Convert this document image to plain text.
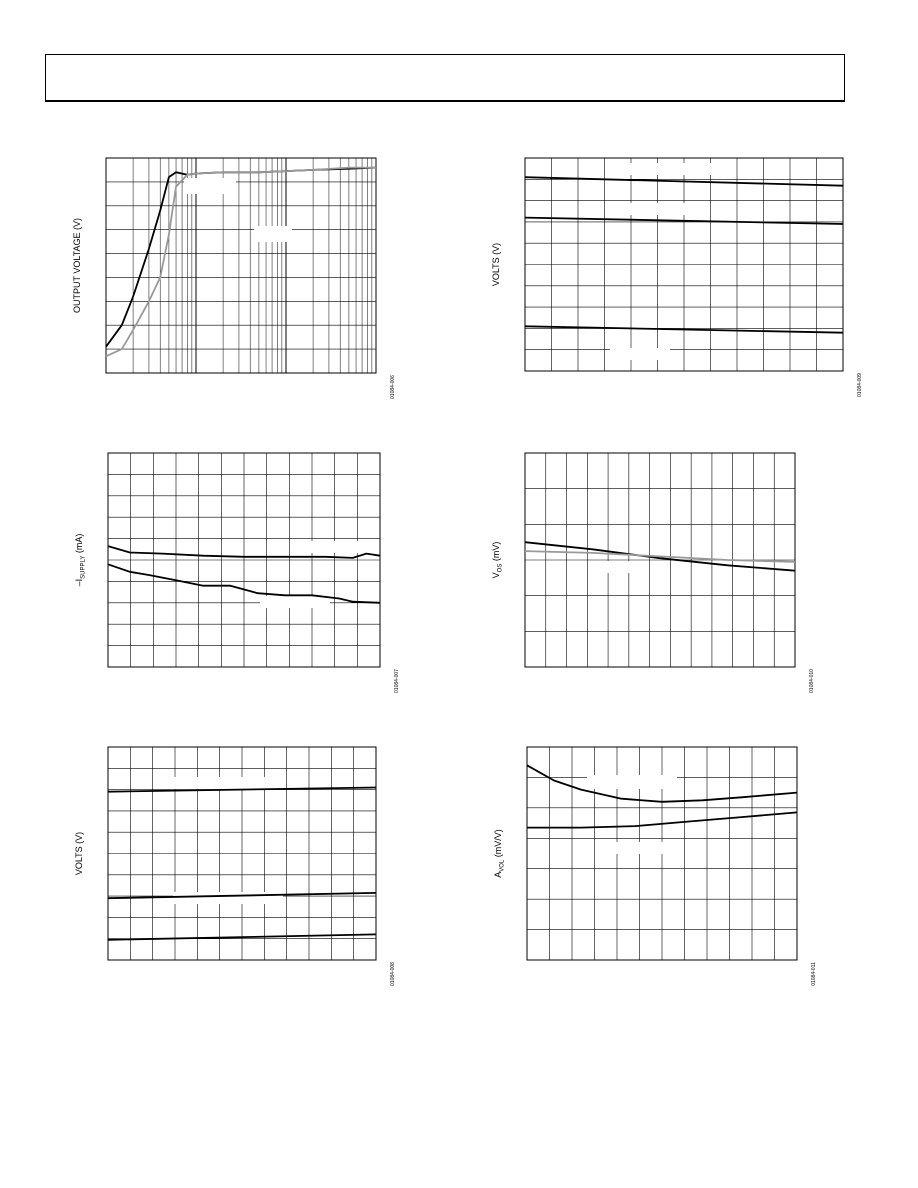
OUTPUT VOLTAGE (V)
01084-006
VOLTS (V)
01084-009
$-I_{SUPPLY}$ (mA)
01084-007
$V_{OS}$ (mV)
01084-010
VOLTS (V)
01084-008
$A_{VOL}$ (mV/V)
01084-011
